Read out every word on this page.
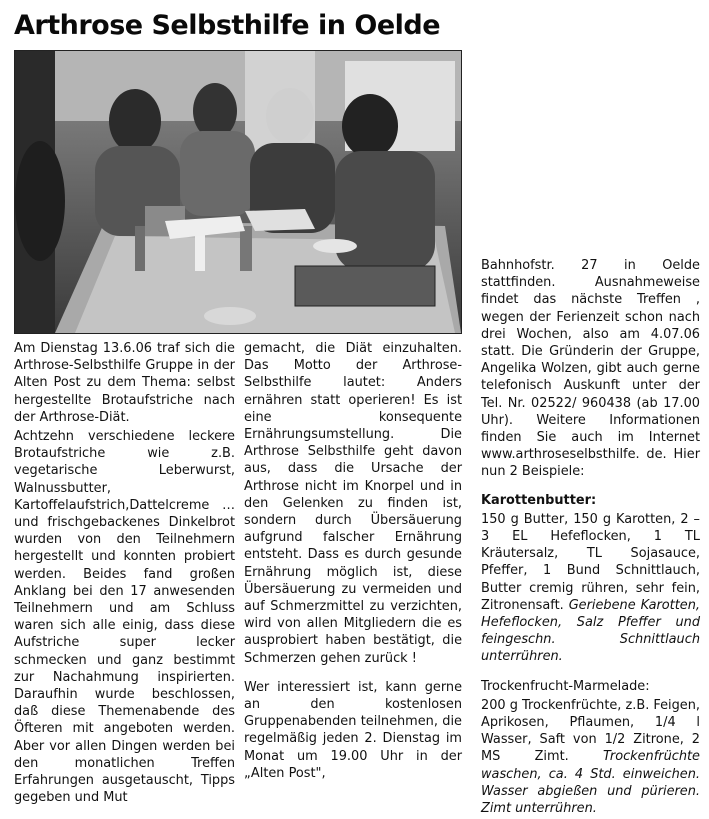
Arthrose Selbsthilfe in Oelde

Am Dienstag 13.6.06 traf sich die Arthrose-Selbsthilfe Gruppe in der Alten Post zu dem Thema: selbst hergestellte Brotaufstriche nach der Arthrose-Diät.

Achtzehn verschiedene leckere Brotaufstriche wie z.B. vegetarische Leberwurst, Walnussbutter, Kartoffelaufstrich,Dattelcreme … und frischgebackenes Dinkelbrot wurden von den Teilnehmern hergestellt und konnten probiert werden. Beides fand großen Anklang bei den 17 anwesenden Teilnehmern und am Schluss waren sich alle einig, dass diese Aufstriche super lecker schmecken und ganz bestimmt zur Nachahmung inspirierten. Daraufhin wurde beschlossen, daß diese Themenabende des Öfteren mit angeboten werden. Aber vor allen Dingen werden bei den monatlichen Treffen Erfahrungen ausgetauscht, Tipps gegeben und Mut

gemacht, die Diät einzuhalten. Das Motto der Arthrose-Selbsthilfe lautet: Anders ernähren statt operieren! Es ist eine konsequente Ernährungsumstellung. Die Arthrose Selbsthilfe geht davon aus, dass die Ursache der Arthrose nicht im Knorpel und in den Gelenken zu finden ist, sondern durch Übersäuerung aufgrund falscher Ernährung entsteht. Dass es durch gesunde Ernährung möglich ist, diese Übersäuerung zu vermeiden und auf Schmerzmittel zu verzichten, wird von allen Mitgliedern die es ausprobiert haben bestätigt, die Schmerzen gehen zurück !

Wer interessiert ist, kann gerne an den kostenlosen Gruppenabenden teilnehmen, die regelmäßig jeden 2. Dienstag im Monat um 19.00 Uhr in der „Alten Post",

Bahnhofstr. 27 in Oelde stattfinden. Ausnahmeweise findet das nächste Treffen , wegen der Ferienzeit schon nach drei Wochen, also am 4.07.06 statt. Die Gründerin der Gruppe, Angelika Wolzen, gibt auch gerne telefonisch Auskunft unter der Tel. Nr. 02522/ 960438 (ab 17.00 Uhr). Weitere Informationen finden Sie auch im Internet www.arthroseselbsthilfe. de. Hier nun 2 Beispiele:

Karottenbutter:

150 g Butter, 150 g Karotten, 2 – 3 EL Hefeflocken, 1 TL Kräutersalz, TL Sojasauce, Pfeffer, 1 Bund Schnittlauch, Butter cremig rühren, sehr fein, Zitronensaft. Geriebene Karotten, Hefeflocken, Salz Pfeffer und feingeschn. Schnittlauch unterrühren.

Trockenfrucht-Marmelade:

200 g Trockenfrüchte, z.B. Feigen, Aprikosen, Pflaumen, 1/4 l Wasser, Saft von 1/2 Zitrone, 2 MS Zimt.	Trockenfrüchte waschen, ca. 4 Std. einweichen. Wasser abgießen und pürieren. Zimt unterrühren.
